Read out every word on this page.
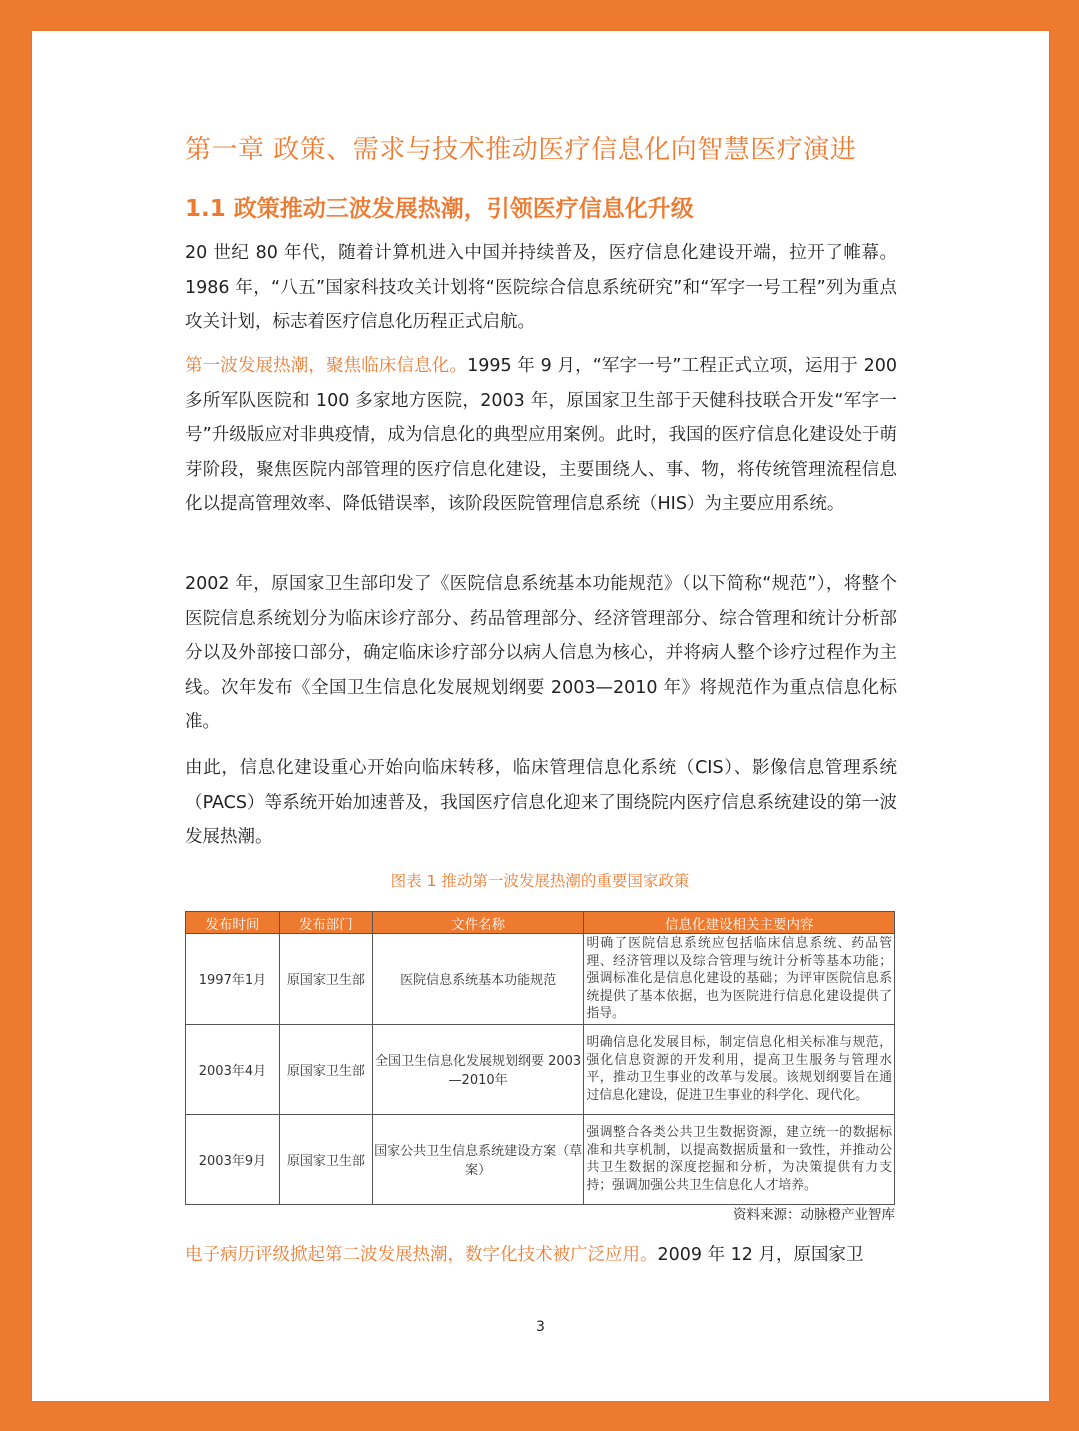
第一章 政策、需求与技术推动医疗信息化向智慧医疗演进
1.1 政策推动三波发展热潮，引领医疗信息化升级

20 世纪 80 年代，随着计算机进入中国并持续普及，医疗信息化建设开端，拉开了帷幕。1986 年，“八五”国家科技攻关计划将“医院综合信息系统研究”和“军字一号工程”列为重点攻关计划，标志着医疗信息化历程正式启航。

第一波发展热潮，聚焦临床信息化。1995 年 9 月，“军字一号”工程正式立项，运用于 200 多所军队医院和 100 多家地方医院，2003 年，原国家卫生部于天健科技联合开发“军字一号”升级版应对非典疫情，成为信息化的典型应用案例。此时，我国的医疗信息化建设处于萌芽阶段，聚焦医院内部管理的医疗信息化建设，主要围绕人、事、物，将传统管理流程信息化以提高管理效率、降低错误率，该阶段医院管理信息系统（HIS）为主要应用系统。

2002 年，原国家卫生部印发了《医院信息系统基本功能规范》（以下简称“规范”），将整个医院信息系统划分为临床诊疗部分、药品管理部分、经济管理部分、综合管理和统计分析部分以及外部接口部分，确定临床诊疗部分以病人信息为核心，并将病人整个诊疗过程作为主线。次年发布《全国卫生信息化发展规划纲要 2003—2010 年》将规范作为重点信息化标准。

由此，信息化建设重心开始向临床转移，临床管理信息化系统（CIS）、影像信息管理系统（PACS）等系统开始加速普及，我国医疗信息化迎来了围绕院内医疗信息系统建设的第一波发展热潮。

图表 1 推动第一波发展热潮的重要国家政策

发布时间	发布部门	文件名称	信息化建设相关主要内容
1997年1月	原国家卫生部	医院信息系统基本功能规范	明确了医院信息系统应包括临床信息系统、药品管理、经济管理以及综合管理与统计分析等基本功能；强调标准化是信息化建设的基础；为评审医院信息系统提供了基本依据，也为医院进行信息化建设提供了指导。
2003年4月	原国家卫生部	全国卫生信息化发展规划纲要 2003—2010年	明确信息化发展目标，制定信息化相关标准与规范，强化信息资源的开发利用，提高卫生服务与管理水平，推动卫生事业的改革与发展。该规划纲要旨在通过信息化建设，促进卫生事业的科学化、现代化。
2003年9月	原国家卫生部	国家公共卫生信息系统建设方案（草案）	强调整合各类公共卫生数据资源，建立统一的数据标准和共享机制，以提高数据质量和一致性，并推动公共卫生数据的深度挖掘和分析，为决策提供有力支持；强调加强公共卫生信息化人才培养。
资料来源：动脉橙产业智库

电子病历评级掀起第二波发展热潮，数字化技术被广泛应用。2009 年 12 月，原国家卫

3
